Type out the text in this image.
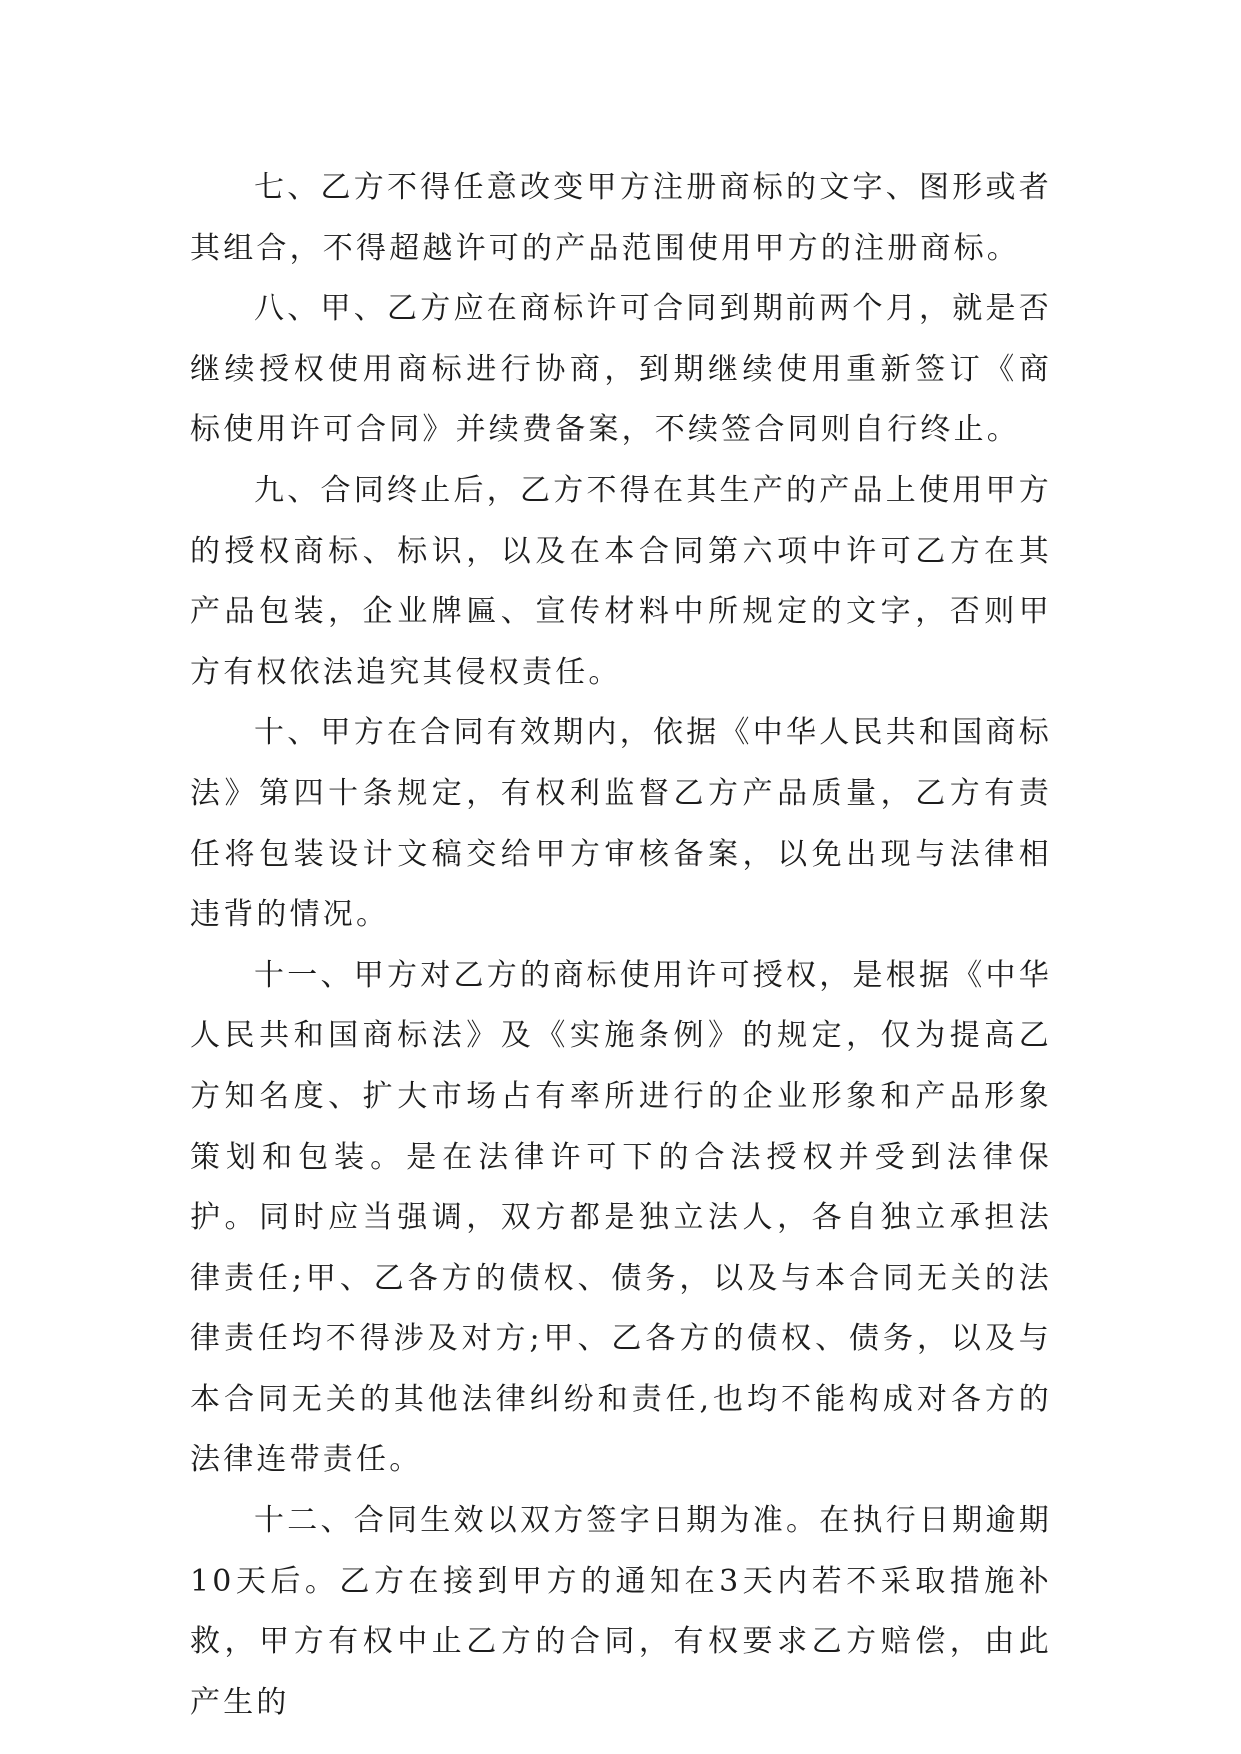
七、乙方不得任意改变甲方注册商标的文字、图形或者其组合，不得超越许可的产品范围使用甲方的注册商标。

八、甲、乙方应在商标许可合同到期前两个月，就是否继续授权使用商标进行协商，到期继续使用重新签订《商标使用许可合同》并续费备案，不续签合同则自行终止。

九、合同终止后，乙方不得在其生产的产品上使用甲方的授权商标、标识，以及在本合同第六项中许可乙方在其产品包装，企业牌匾、宣传材料中所规定的文字，否则甲方有权依法追究其侵权责任。

十、甲方在合同有效期内，依据《中华人民共和国商标法》第四十条规定，有权利监督乙方产品质量，乙方有责任将包装设计文稿交给甲方审核备案，以免出现与法律相违背的情况。

十一、甲方对乙方的商标使用许可授权，是根据《中华人民共和国商标法》及《实施条例》的规定，仅为提高乙方知名度、扩大市场占有率所进行的企业形象和产品形象策划和包装。是在法律许可下的合法授权并受到法律保护。同时应当强调，双方都是独立法人，各自独立承担法律责任;甲、乙各方的债权、债务，以及与本合同无关的法律责任均不得涉及对方;甲、乙各方的债权、债务，以及与本合同无关的其他法律纠纷和责任,也均不能构成对各方的法律连带责任。

十二、合同生效以双方签字日期为准。在执行日期逾期10天后。乙方在接到甲方的通知在3天内若不采取措施补救，甲方有权中止乙方的合同，有权要求乙方赔偿，由此产生的
